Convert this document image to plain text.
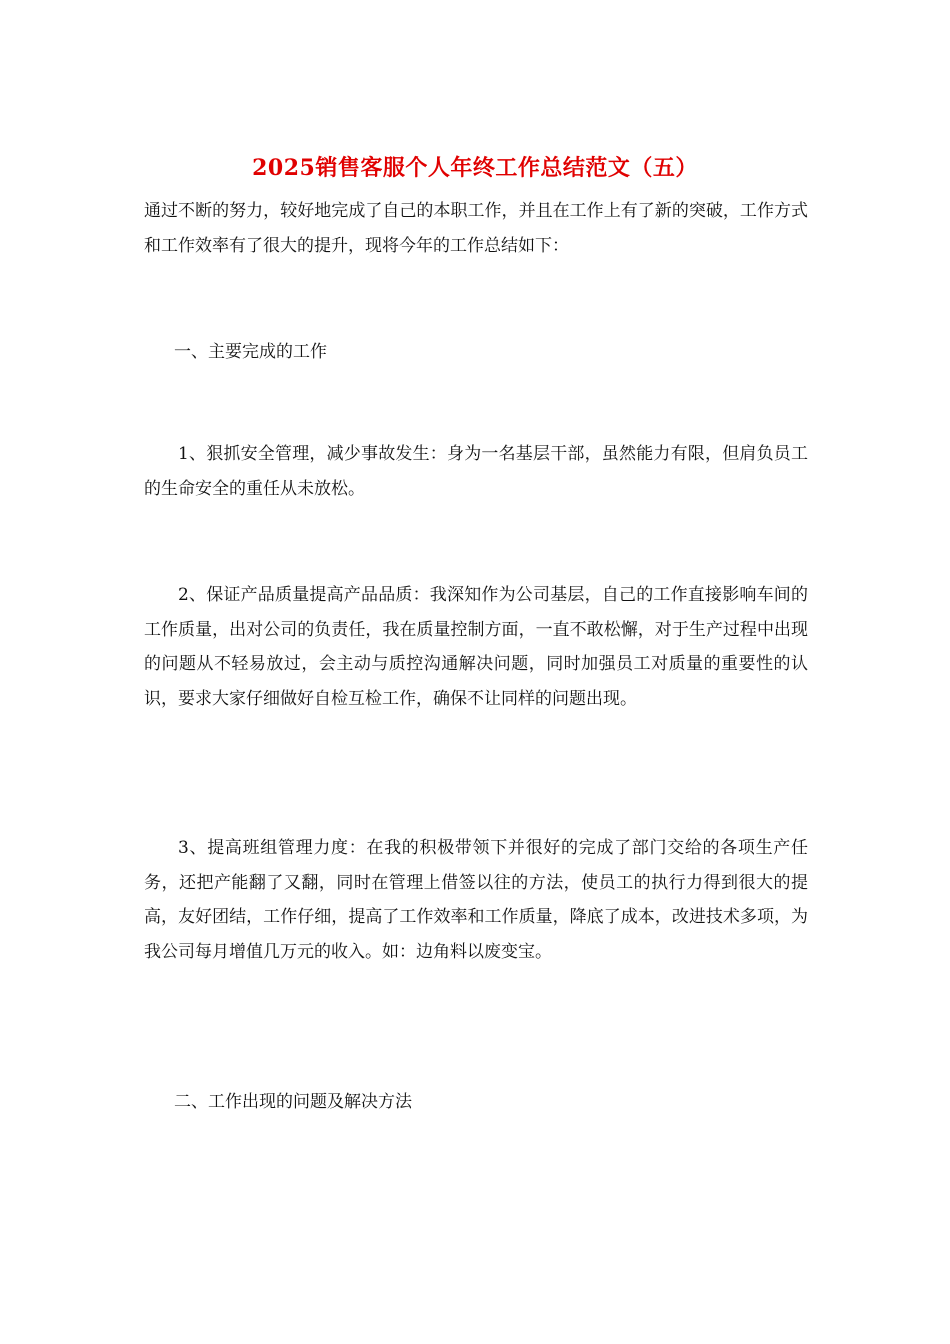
2025销售客服个人年终工作总结范文（五）

通过不断的努力，较好地完成了自己的本职工作，并且在工作上有了新的突破，工作方式和工作效率有了很大的提升，现将今年的工作总结如下：

一、主要完成的工作

1、狠抓安全管理，减少事故发生：身为一名基层干部，虽然能力有限，但肩负员工的生命安全的重任从未放松。

2、保证产品质量提高产品品质：我深知作为公司基层，自己的工作直接影响车间的工作质量，出对公司的负责任，我在质量控制方面，一直不敢松懈，对于生产过程中出现的问题从不轻易放过，会主动与质控沟通解决问题，同时加强员工对质量的重要性的认识，要求大家仔细做好自检互检工作，确保不让同样的问题出现。

3、提高班组管理力度：在我的积极带领下并很好的完成了部门交给的各项生产任务，还把产能翻了又翻，同时在管理上借签以往的方法，使员工的执行力得到很大的提高，友好团结，工作仔细，提高了工作效率和工作质量，降底了成本，改进技术多项，为我公司每月增值几万元的收入。如：边角料以废变宝。

二、工作出现的问题及解决方法
